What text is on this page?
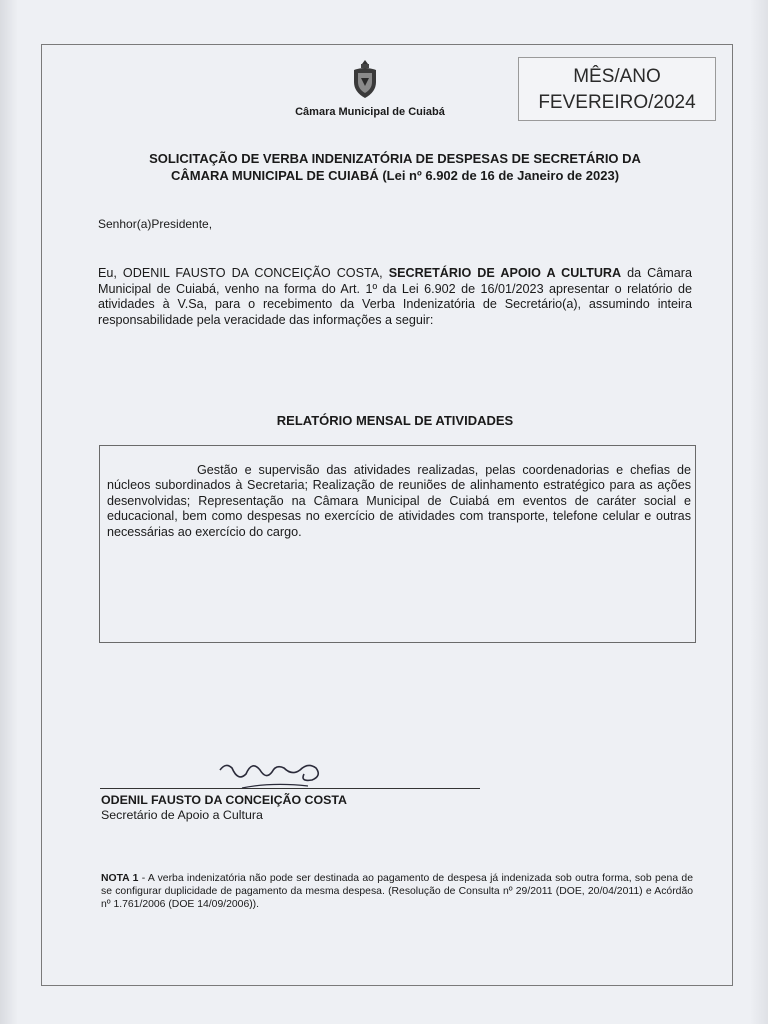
Câmara Municipal de Cuiabá
MÊS/ANO
FEVEREIRO/2024
SOLICITAÇÃO DE VERBA INDENIZATÓRIA DE DESPESAS DE SECRETÁRIO DA
CÂMARA MUNICIPAL DE CUIABÁ (Lei nº 6.902 de 16 de Janeiro de 2023)
Senhor(a)Presidente,
Eu, ODENIL FAUSTO DA CONCEIÇÃO COSTA, SECRETÁRIO DE APOIO A CULTURA da Câmara Municipal de Cuiabá, venho na forma do Art. 1º da Lei 6.902 de 16/01/2023 apresentar o relatório de atividades à V.Sa, para o recebimento da Verba Indenizatória de Secretário(a), assumindo inteira responsabilidade pela veracidade das informações a seguir:
RELATÓRIO MENSAL DE ATIVIDADES
Gestão e supervisão das atividades realizadas, pelas coordenadorias e chefias de núcleos subordinados à Secretaria; Realização de reuniões de alinhamento estratégico para as ações desenvolvidas; Representação na Câmara Municipal de Cuiabá em eventos de caráter social e educacional, bem como despesas no exercício de atividades com transporte, telefone celular e outras necessárias ao exercício do cargo.
ODENIL FAUSTO DA CONCEIÇÃO COSTA
Secretário de Apoio a Cultura
NOTA 1 - A verba indenizatória não pode ser destinada ao pagamento de despesa já indenizada sob outra forma, sob pena de se configurar duplicidade de pagamento da mesma despesa. (Resolução de Consulta nº 29/2011 (DOE, 20/04/2011) e Acórdão nº 1.761/2006 (DOE 14/09/2006)).
